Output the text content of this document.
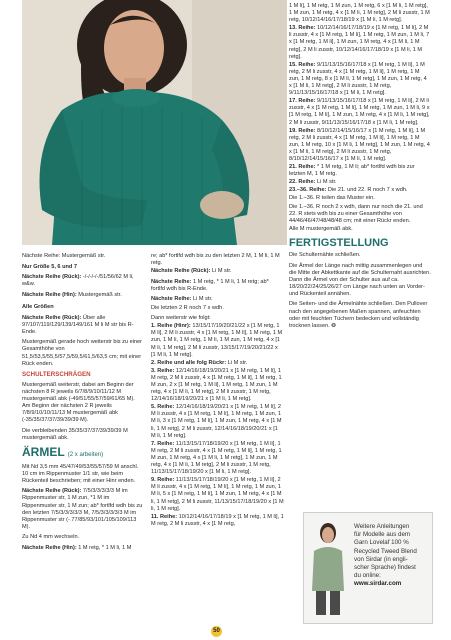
Nächste Reihe: Mustergemäß str.

Nur Größe 5, 6 und 7

Nächste Reihe (Rück): -/-/-/-/-/51/56/62 M li, w&w.

Nächste Reihe (Hin): Mustergemäß str.

Alle Größen

Nächste Reihe (Rück): Über alle 97/107/119/129/139/149/161 M li M str bis R-Ende.

Mustergemäß gerade hoch weiterstr bis zu einer Gesamthöhe von 51,5/53,5/55,5/57,5/59,5/61,5/63,5 cm; mit einer Rück enden.

SCHULTERSCHRÄGEN

Mustergemäß weiterstr, dabei am Beginn der nächsten 8 R jeweils 6/7/8/9/10/11/12 M mustergemäß abk (-49/51/55/57/59/61/65 M). Am Beginn der nächsten 2 R jeweils 7/8/9/10/10/11/13 M mustergemäß abk (-35/35/37/37/39/39/39 M).

Die verbleibenden 35/35/37/37/39/39/39 M mustergemäß abk.

ÄRMEL (2 x arbeiten)

Mit Nd 3,5 mm 45/47/49/53/55/57/59 M anschl. 10 cm im Rippenmuster 1/1 str, wie beim Rückenteil beschrieben; mit einer Hinr enden.

Nächste Reihe (Rück): 7/5/3/3/3/3/3 M im Rippenmuster str, 1 M zun, *1 M im Rippenmuster str, 1 M zun; ab* fortlfd wdh bis zu den letzten 7/5/3/3/3/3/3 M, 7/5/3/3/3/3/3 M im Rippenmuster str (- 77/85/93/101/105/109/113 M).

Zu Nd 4 mm wechseln.

Nächste Reihe (Hin): 1 M retg, * 1 M li, 1 M

re; ab* fortlfd wdh bis zu den letzten 2 M, 1 M li, 1 M retg.

Nächste Reihe (Rück): Li M str.

Nächste Reihe: 1 M retg, * 1 M li, 1 M retg; ab* fortlfd wdh bis R-Ende.

Nächste Reihe: Li M str.

Die letzten 2 R noch 7 x wdh.

Dann weiterstr wie folgt:

1. Reihe (Hinr): 13/15/17/19/20/21/22 x [1 M retg, 1 M li], 2 M li zusstr, 4 x [1 M retg, 1 M li], 1 M retg, 1 M zun, 1 M li, 1 M retg, 1 M li, 1 M zun, 1 M retg, 4 x [1 M li, 1 M retg], 2 M li zusstr, 13/15/17/19/20/21/22 x [1 M li, 1 M retg].

2. Reihe und alle folg Rückr: Li M str.

3. Reihe: 12/14/16/18/19/20/21 x [1 M retg, 1 M li], 1 M retg, 2 M li zusstr, 4 x [1 M retg, 1 M li], 1 M retg, 1 M zun, 2 x [1 M retg, 1 M li], 1 M retg, 1 M zun, 1 M retg, 4 x [1 M li, 1 M retg], 2 M li zusstr, 1 M retg, 12/14/16/18/19/20/21 x [1 M li, 1 M retg].

5. Reihe: 12/14/16/18/19/20/21 x [1 M retg, 1 M li], 2 M li zusstr, 4 x [1 M retg, 1 M li], 1 M retg, 1 M zun, 1 M li, 3 x [1 M retg, 1 M li], 1 M zun, 1 M retg, 4 x [1 M li, 1 M retg], 2 M li zusstr, 12/14/16/18/19/20/21 x [1 M li, 1 M retg].

7. Reihe: 11/13/15/17/18/19/20 x [1 M retg, 1 M li], 1 M retg, 2 M li zusstr, 4 x [1 M retg, 1 M li], 1 M retg, 1 M zun, 1 M retg, 4 x [1 M li, 1 M retg], 1 M zun, 1 M retg, 4 x [1 M li, 1 M retg], 2 M li zusstr, 1 M retg, 11/13/15/17/18/19/20 x [1 M li, 1 M retg].

9. Reihe: 11/13/15/17/18/19/20 x [1 M retg, 1 M li], 2 M li zusstr, 4 x [1 M retg, 1 M li], 1 M retg, 1 M zun, 1 M li, 5 x [1 M retg, 1 M li], 1 M zun, 1 M retg, 4 x [1 M li, 1 M retg], 2 M li zusstr, 11/13/15/17/18/19/20 x [1 M li, 1 M retg].

11. Reihe: 10/12/14/16/17/18/19 x [1 M retg, 1 M li], 1 M retg, 2 M li zusstr, 4 x [1 M retg,

1 M li], 1 M retg, 1 M zun, 1 M retg, 6 x [1 M li, 1 M retg], 1 M zun, 1 M retg, 4 x [1 M li, 1 M retg], 2 M li zusstr, 1 M retg, 10/12/14/16/17/18/19 x [1 M li, 1 M retg].

13. Reihe: 10/12/14/16/17/18/19 x [1 M retg, 1 M li], 2 M li zusstr, 4 x [1 M retg, 1 M li], 1 M retg, 1 M zun, 1 M li, 7 x [1 M retg, 1 M li], 1 M zun, 1 M retg, 4 x [1 M li, 1 M retg], 2 M li zusstr, 10/12/14/16/17/18/19 x [1 M li, 1 M retg].

15. Reihe: 9/11/13/15/16/17/18 x [1 M retg, 1 M li], 1 M retg, 2 M li zusstr, 4 x [1 M retg, 1 M li], 1 M retg, 1 M zun, 1 M retg, 8 x [1 M li, 1 M retg], 1 M zun, 1 M retg, 4 x [1 M li, 1 M retg], 2 M li zusstr, 1 M retg, 9/11/13/15/16/17/18 x [1 M li, 1 M retg].

17. Reihe: 9/11/13/15/16/17/18 x [1 M retg, 1 M li], 2 M li zusstr, 4 x [1 M retg, 1 M li], 1 M retg, 1 M zun, 1 M li, 9 x [1 M retg, 1 M li], 1 M zun, 1 M retg, 4 x [1 M li, 1 M retg], 2 M li zusstr, 9/11/13/15/16/17/18 x [1 M li, 1 M retg].

19. Reihe: 8/10/12/14/15/16/17 x [1 M retg, 1 M li], 1 M retg, 2 M li zusstr, 4 x [1 M retg, 1 M li], 1 M retg, 1 M zun, 1 M retg, 10 x [1 M li, 1 M retg], 1 M zun, 1 M retg, 4 x [1 M li, 1 M retg], 2 M li zusstr, 1 M retg, 8/10/12/14/15/16/17 x [1 M li, 1 M retg].

21. Reihe: * 1 M retg, 1 M li; ab* fortlfd wdh bis zur letzten M, 1 M retg.

22. Reihe: Li M str.

23.–36. Reihe: Die 21. und 22. R noch 7 x wdh.

Die 1.–36. R teilen das Muster ein.

Die 1.–36. R noch 2 x wdh, dann nur noch die 21. und 22. R stets wdh bis zu einer Gesamthöhe von 44/46/46/47/48/48/48 cm; mit einer Rückr enden.

Alle M mustergemäß abk.

FERTIGSTELLUNG

Die Schulternähte schließen.

Die Ärmel der Länge nach mittig zusammenlegen und die Mitte der Abkettkante auf die Schulternaht ausrichten. Dann die Ärmel von der Schulter aus auf ca. 18/20/22/24/25/26/27 cm Länge nach unten an Vorder- und Rückenteil annähen.

Die Seiten- und die Ärmelnähte schließen. Den Pullover nach den angegebenen Maßen spannen, anfeuchten oder mit feuchten Tüchern bedecken und vollständig trocknen lassen. ❂

Weitere Anleitungen
für Modelle aus dem
Garn Lovelaf 100 %
Recycled Tweed Blend
von Sirdar (in engli-
scher Sprache) findest
du online:
www.sirdar.com
50
